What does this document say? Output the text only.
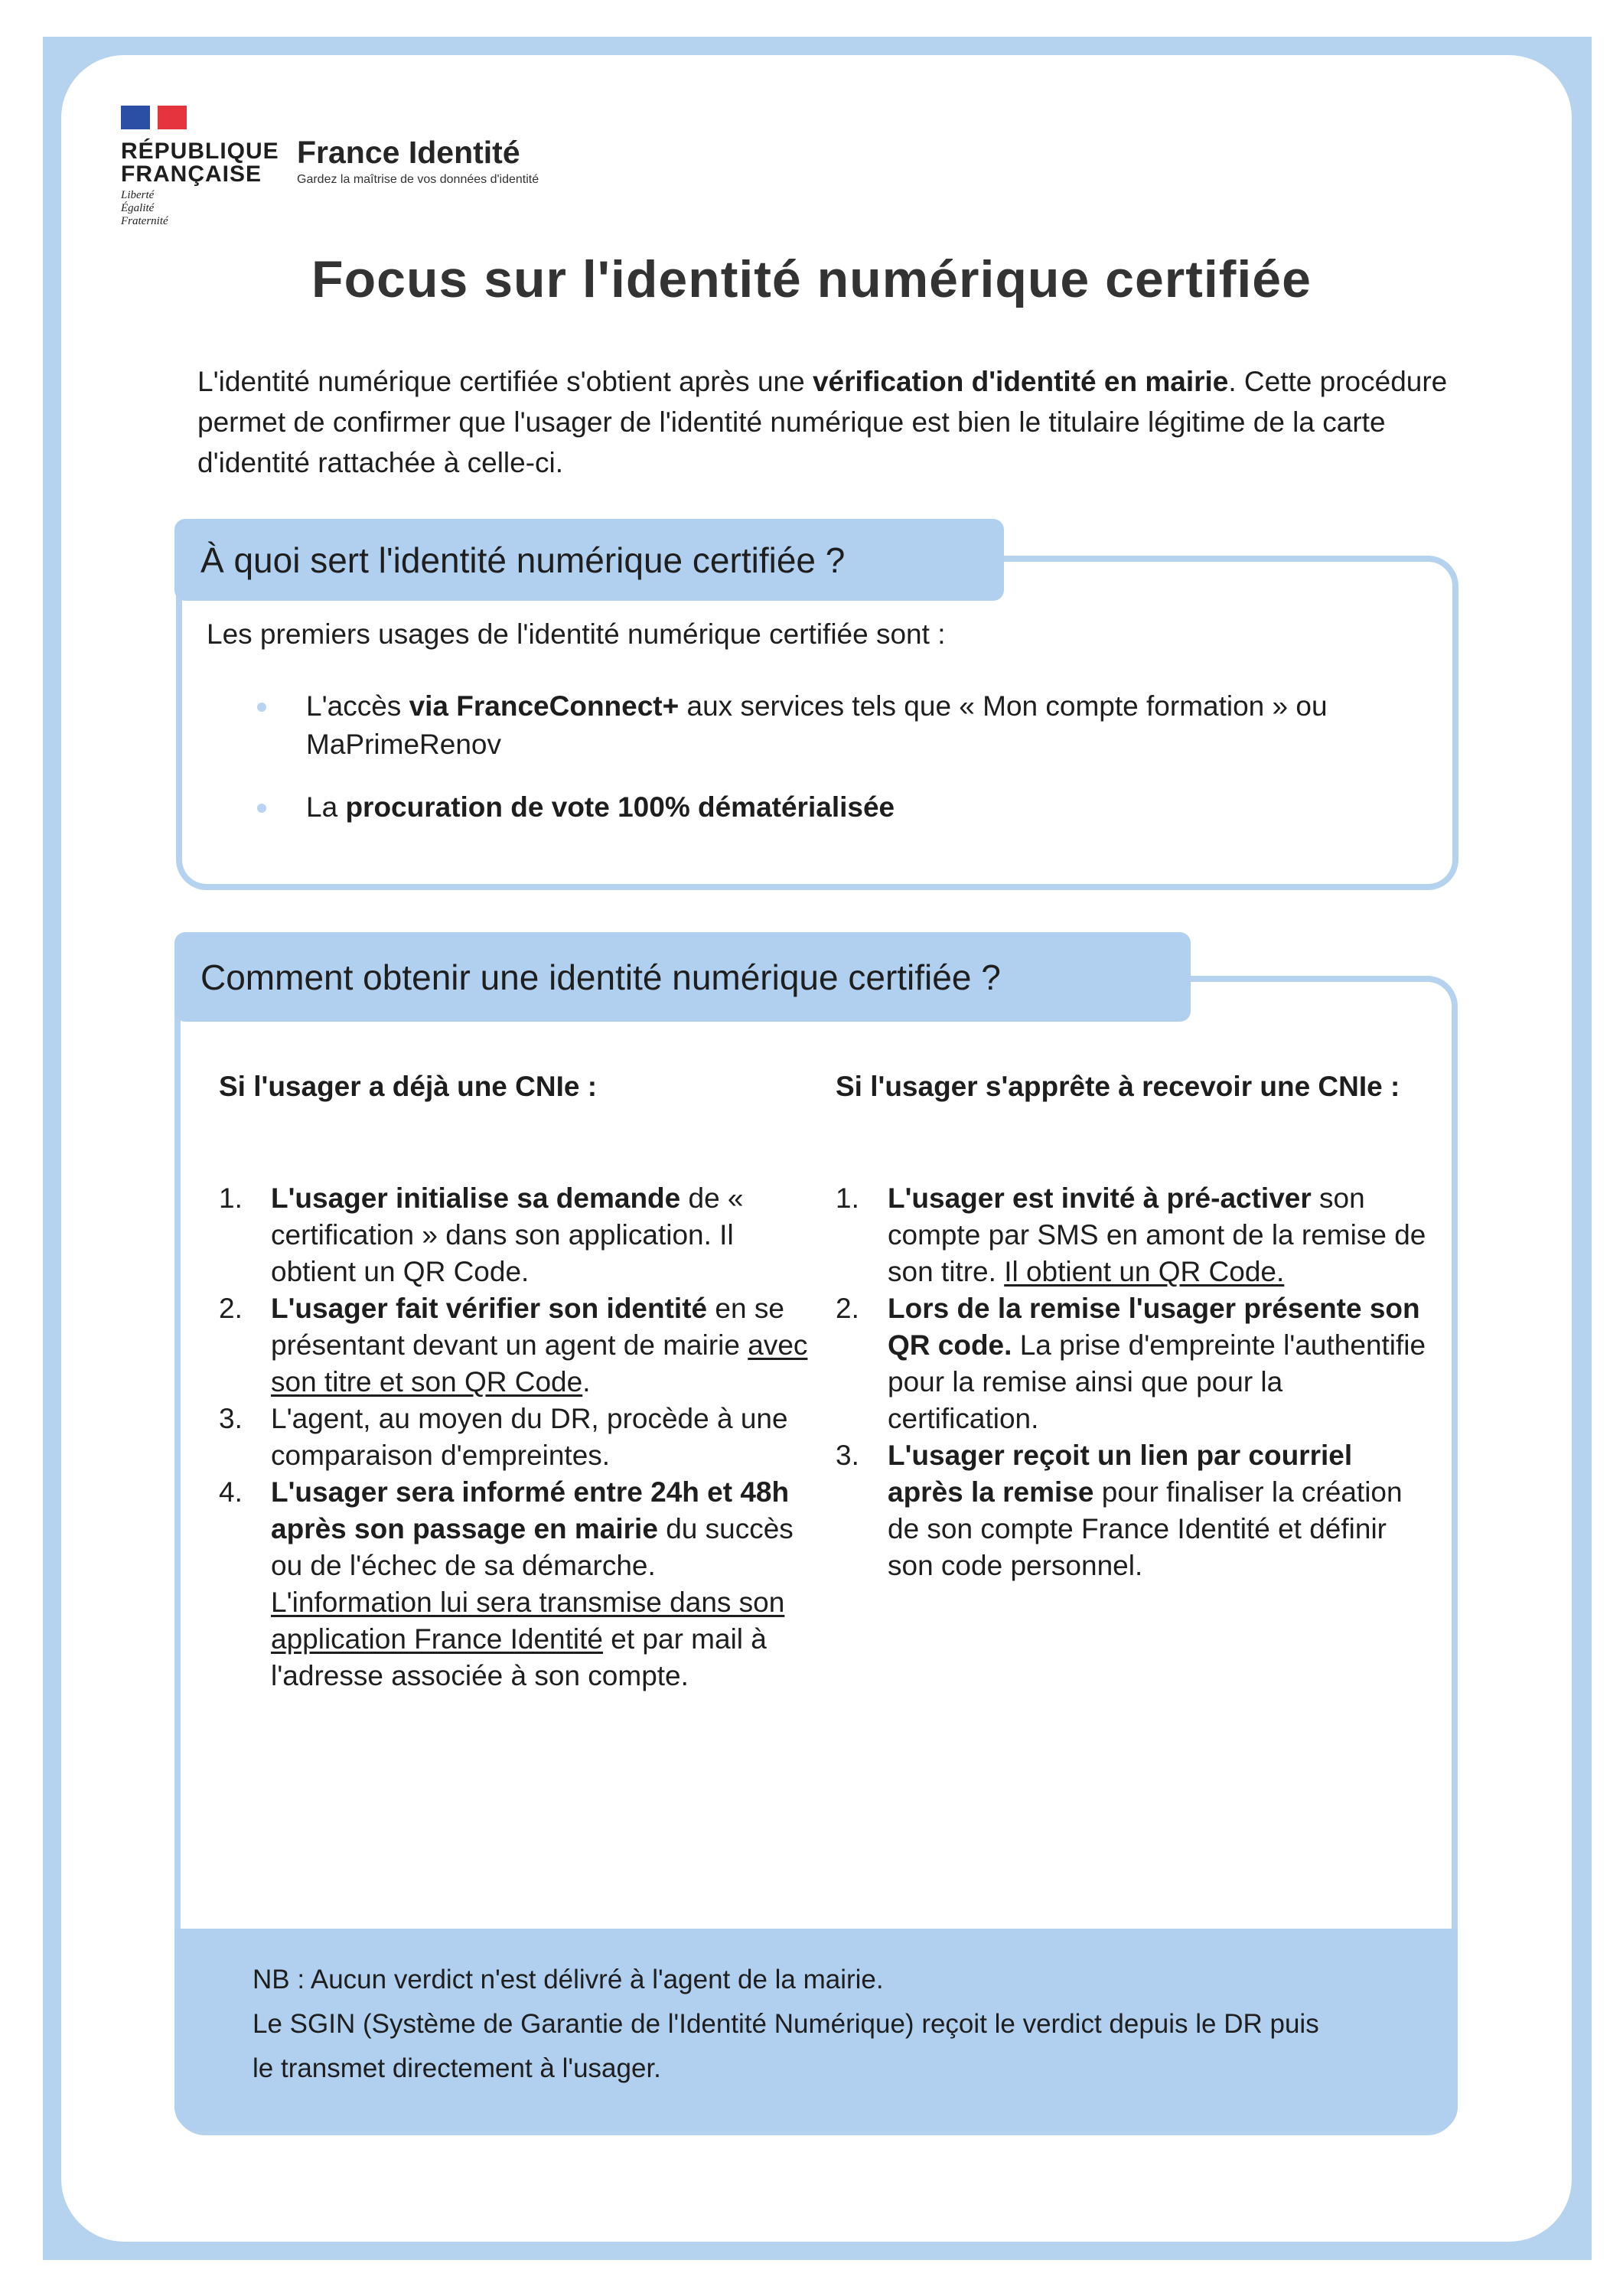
RÉPUBLIQUE
FRANÇAISE
Liberté
Égalité
Fraternité
France Identité
Gardez la maîtrise de vos données d'identité
Focus sur l'identité numérique certifiée

L'identité numérique certifiée s'obtient après une vérification d'identité en mairie. Cette procédure permet de confirmer que l'usager de l'identité numérique est bien le titulaire légitime de la carte d'identité rattachée à celle-ci.

À quoi sert l'identité numérique certifiée ?
Les premiers usages de l'identité numérique certifiée sont :
L'accès via FranceConnect+ aux services tels que « Mon compte formation » ou MaPrimeRenov
La procuration de vote 100% dématérialisée
Comment obtenir une identité numérique certifiée ?
Si l'usager a déjà une CNIe :
1. L'usager initialise sa demande de « certification » dans son application. Il obtient un QR Code.
2. L'usager fait vérifier son identité en se présentant devant un agent de mairie avec son titre et son QR Code.
3. L'agent, au moyen du DR, procède à une comparaison d'empreintes.
4. L'usager sera informé entre 24h et 48h après son passage en mairie du succès ou de l'échec de sa démarche. L'information lui sera transmise dans son application France Identité et par mail à l'adresse associée à son compte.
Si l'usager s'apprête à recevoir une CNIe :
1. L'usager est invité à pré-activer son compte par SMS en amont de la remise de son titre. Il obtient un QR Code.
2. Lors de la remise l'usager présente son QR code. La prise d'empreinte l'authentifie pour la remise ainsi que pour la certification.
3. L'usager reçoit un lien par courriel après la remise pour finaliser la création de son compte France Identité et définir son code personnel.
NB : Aucun verdict n'est délivré à l'agent de la mairie.
Le SGIN (Système de Garantie de l'Identité Numérique) reçoit le verdict depuis le DR puis le transmet directement à l'usager.
